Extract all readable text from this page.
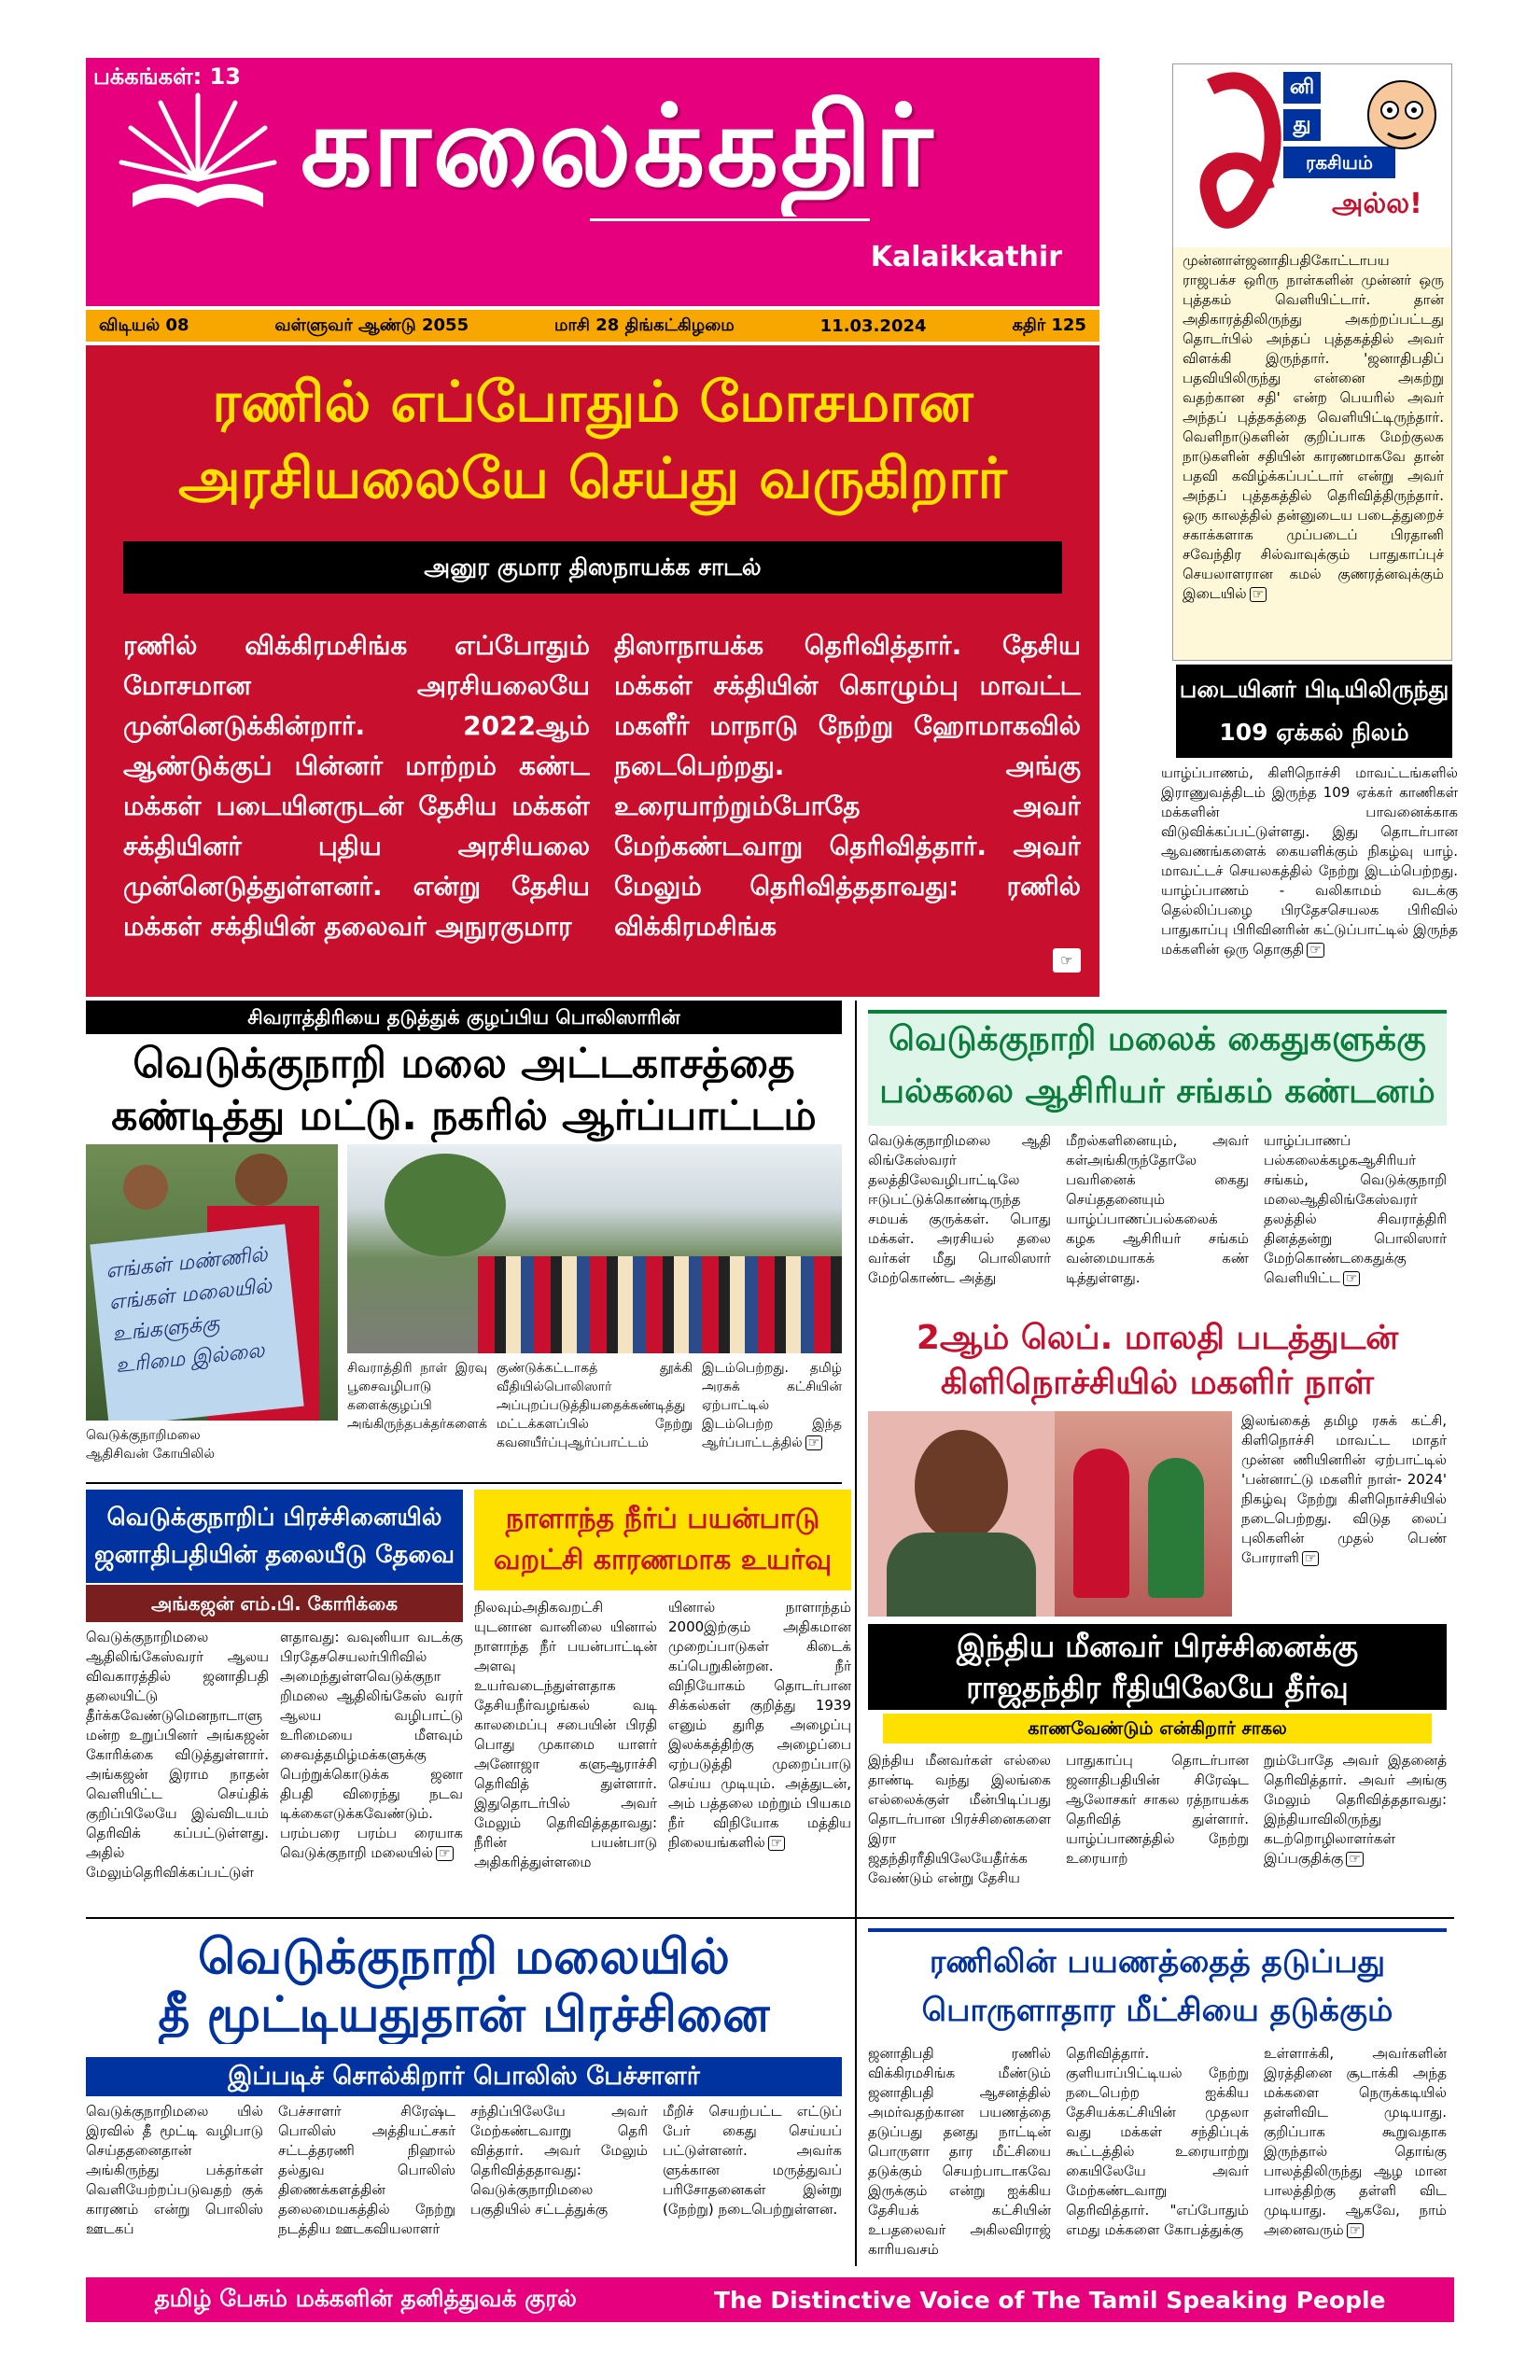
பக்கங்கள்: 13
காலைக்கதிர்
Kalaikkathir
விடியல் 08	வள்ளுவர் ஆண்டு 2055	மாசி 28 திங்கட்கிழமை	11.03.2024	கதிர் 125
ரணில் எப்போதும் மோசமான
அரசியலையே செய்து வருகிறார்
அனுர குமார திஸநாயக்க சாடல்
ரணில் விக்கிரமசிங்க எப்போதும் மோசமான அரசியலையே முன்னெடுக்கின்றார். 2022ஆம் ஆண்டுக்குப் பின்னர் மாற்றம் கண்ட மக்கள் படையினருடன் தேசிய மக்கள் சக்தியினர் புதிய அரசியலை முன்னெடுத்துள்ளனர். என்று தேசிய மக்கள் சக்தியின் தலைவர் அநுரகுமார
திஸாநாயக்க தெரிவித்தார். தேசிய மக்கள் சக்தியின் கொழும்பு மாவட்ட மகளீர் மாநாடு நேற்று ஹோமாகவில் நடைபெற்றது. அங்கு உரையாற்றும்போதே அவர் மேற்கண்டவாறு தெரிவித்தார். அவர் மேலும் தெரிவித்ததாவது: ரணில் விக்கிரமசிங்க
☞
னி
து
ரகசியம்
அல்ல!
முன்னாள்ஜனாதிபதிகோட்டாபய ராஜபக்ச ஒரிரு நாள்களின் முன்னர் ஒரு புத்தகம் வெளியிட்டார். தான் அதிகாரத்திலிருந்து அகற்றப்பட்டது தொடர்பில் அந்தப் புத்தகத்தில் அவர் விளக்கி இருந்தார். 'ஜனாதிபதிப் பதவியிலிருந்து என்னை அகற்று வதற்கான சதி' என்ற பெயரில் அவர் அந்தப் புத்தகத்தை வெளியிட்டிருந்தார். வெளிநாடுகளின் குறிப்பாக மேற்குலக நாடுகளின் சதியின் காரணமாகவே தான் பதவி கவிழ்க்கப்பட்டார் என்று அவர் அந்தப் புத்தகத்தில் தெரிவித்திருந்தார். ஒரு காலத்தில் தன்னுடைய படைத்துறைச் சகாக்களாக முப்படைப் பிரதானி சவேந்திர சில்வாவுக்கும் பாதுகாப்புச் செயலாளரான கமல் குணரத்னவுக்கும் இடையில் ☞
படையினர் பிடியிலிருந்து
109 ஏக்கல் நிலம்
யாழ்ப்பாணம், கிளிநொச்சி மாவட்டங்களில் இராணுவத்திடம் இருந்த 109 ஏக்கர் காணிகள் மக்களின் பாவனைக்காக விடுவிக்கப்பட்டுள்ளது. இது தொடர்பான ஆவணங்களைக் கையளிக்கும் நிகழ்வு யாழ். மாவட்டச் செயலகத்தில் நேற்று இடம்பெற்றது. யாழ்ப்பாணம் - வலிகாமம் வடக்கு தெல்லிப்பழை பிரதேசசெயலக பிரிவில் பாதுகாப்பு பிரிவினரின் கட்டுப்பாட்டில் இருந்த மக்களின் ஒரு தொகுதி ☞
சிவராத்திரியை தடுத்துக் குழப்பிய பொலிஸாரின்
வெடுக்குநாறி மலை அட்டகாசத்தை
கண்டித்து மட்டு. நகரில் ஆர்ப்பாட்டம்
எங்கள் மண்ணில் எங்கள் மலையில் உங்களுக்கு உரிமை இல்லை
வெடுக்குநாறிமலை ஆதிசிவன் கோயிலில்
சிவராத்திரி நாள் இரவு பூசைவழிபாடு களைக்குழப்பி அங்கிருந்தபக்தர்களைக்
குண்டுக்கட்டாகத் தூக்கி வீதியில்பொலிஸார் அப்புறப்படுத்தியதைக்கண்டித்து மட்டக்களப்பில் நேற்று கவனயீர்ப்புஆர்ப்பாட்டம்
இடம்பெற்றது. தமிழ் அரசுக் கட்சியின் ஏற்பாட்டில் இடம்பெற்ற இந்த ஆர்ப்பாட்டத்தில் ☞
வெடுக்குநாறி மலைக் கைதுகளுக்கு
பல்கலை ஆசிரியர் சங்கம் கண்டனம்
வெடுக்குநாறிமலை ஆதி லிங்கேஸ்வரர் தலத்திலேவழிபாட்டிலே ஈடுபட்டுக்கொண்டிருந்த சமயக் குருக்கள். பொது மக்கள். அரசியல் தலை வர்கள் மீது பொலிஸார் மேற்கொண்ட அத்து
மீறல்களினையும், அவர் கள்அங்கிருந்தோலே பவரினைக் கைது செய்ததனையும் யாழ்ப்பாணப்பல்கலைக் கழக ஆசிரியர் சங்கம் வன்மையாகக் கண் டித்துள்ளது.
யாழ்ப்பாணப் பல்கலைக்கழகஆசிரியர் சங்கம், வெடுக்குநாறி மலைஆதிலிங்கேஸ்வரர் தலத்தில் சிவராத்திரி தினத்தன்று பொலிஸார் மேற்கொண்டகைதுக்கு வெளியிட்ட ☞
2ஆம் லெப். மாலதி படத்துடன்
கிளிநொச்சியில் மகளிர் நாள்
இலங்கைத் தமிழ ரசுக் கட்சி, கிளிநொச்சி மாவட்ட மாதர் முன்ன ணியினரின் ஏற்பாட்டில் 'பன்னாட்டு மகளிர் நாள்- 2024' நிகழ்வு நேற்று கிளிநொச்சியில் நடைபெற்றது. விடுத லைப் புலிகளின் முதல் பெண் போராளி ☞
வெடுக்குநாறிப் பிரச்சினையில்
ஜனாதிபதியின் தலையீடு தேவை
அங்கஜன் எம்.பி. கோரிக்கை
வெடுக்குநாறிமலை ஆதிலிங்கேஸ்வரர் ஆலய விவகாரத்தில் ஜனாதிபதி தலையிட்டு தீர்க்கவேண்டுமெனநாடாளு மன்ற உறுப்பினர் அங்கஜன் கோரிக்கை விடுத்துள்ளார். அங்கஜன் இராம நாதன் வெளியிட்ட செய்திக் குறிப்பிலேயே இவ்விடயம் தெரிவிக் கப்பட்டுள்ளது. அதில் மேலும்தெரிவிக்கப்பட்டுள்
ளதாவது: வவுனியா வடக்கு பிரதேசசெயலர்பிரிவில் அமைந்துள்ளவெடுக்குநா றிமலை ஆதிலிங்கேஸ் வரர் ஆலய வழிபாட்டு உரிமையை மீளவும் சைவத்தமிழ்மக்களுக்கு பெற்றுக்கொடுக்க ஜனா திபதி விரைந்து நடவ டிக்கைஎடுக்கவேண்டும். பரம்பரை பரம்ப ரையாக வெடுக்குநாறி மலையில் ☞
நாளாந்த நீர்ப் பயன்பாடு
வறட்சி காரணமாக உயர்வு
நிலவும்அதிகவறட்சி யுடனான வானிலை யினால் நாளாந்த நீர் பயன்பாட்டின் அளவு உயர்வடைந்துள்ளதாக தேசியநீர்வழங்கல் வடி காலமைப்பு சபையின் பிரதி பொது முகாமை யாளர் அனோஜா களுஆராச்சி தெரிவித் துள்ளார். இதுதொடர்பில் அவர் மேலும் தெரிவித்ததாவது: நீரின் பயன்பாடு அதிகரித்துள்ளமை
யினால் நாளாந்தம் 2000இற்கும் அதிகமான முறைப்பாடுகள் கிடைக் கப்பெறுகின்றன. நீர் விநியோகம் தொடர்பான சிக்கல்கள் குறித்து 1939 எனும் துரித அழைப்பு இலக்கத்திற்கு அழைப்பை ஏற்படுத்தி முறைப்பாடு செய்ய முடியும். அத்துடன், அம் பத்தலை மற்றும் பியகம நீர் விநியோக மத்திய நிலையங்களில் ☞
இந்திய மீனவர் பிரச்சினைக்கு
ராஜதந்திர ரீதியிலேயே தீர்வு
காணவேண்டும் என்கிறார் சாகல
இந்திய மீனவர்கள் எல்லை தாண்டி வந்து இலங்கை எல்லைக்குள் மீன்பிடிப்பது தொடர்பான பிரச்சினைகளை இரா ஜதந்திரரீதியிலேயேதீர்க்க வேண்டும் என்று தேசிய
பாதுகாப்பு தொடர்பான ஜனாதிபதியின் சிரேஷ்ட ஆலோசகர் சாகல ரத்நாயக்க தெரிவித் துள்ளார். யாழ்ப்பாணத்தில் நேற்று உரையாற்
றும்போதே அவர் இதனைத் தெரிவித்தார். அவர் அங்கு மேலும் தெரிவித்ததாவது: இந்தியாவிலிருந்து கடற்றொழிலாளர்கள் இப்பகுதிக்கு ☞
வெடுக்குநாறி மலையில்
தீ மூட்டியதுதான் பிரச்சினை
இப்படிச் சொல்கிறார் பொலிஸ் பேச்சாளர்
வெடுக்குநாறிமலை யில் இரவில் தீ மூட்டி வழிபாடு செய்ததனைதான் அங்கிருந்து பக்தர்கள் வெளியேற்றப்படுவதற் குக் காரணம் என்று பொலிஸ் ஊடகப்
பேச்சாளர் சிரேஷ்ட பொலிஸ் அத்தியட்சகர் சட்டத்தரணி நிஹால் தல்துவ பொலிஸ் திணைக்களத்தின் தலைமையகத்தில் நேற்று நடத்திய ஊடகவியலாளர்
சந்திப்பிலேயே அவர் மேற்கண்டவாறு தெரி வித்தார். அவர் மேலும் தெரிவித்ததாவது: வெடுக்குநாறிமலை பகுதியில் சட்டத்துக்கு
மீறிச் செயற்பட்ட எட்டுப் பேர் கைது செய்யப் பட்டுள்ளனர். அவர்க ளுக்கான மருத்துவப் பரிசோதனைகள் இன்று (நேற்று) நடைபெற்றுள்ளன.
ரணிலின் பயணத்தைத் தடுப்பது
பொருளாதார மீட்சியை தடுக்கும்
ஜனாதிபதி ரணில் விக்கிரமசிங்க மீண்டும் ஜனாதிபதி ஆசனத்தில் அமர்வதற்கான பயணத்தை தடுப்பது தனது நாட்டின் பொருளா தார மீட்சியை தடுக்கும் செயற்பாடாகவே இருக்கும் என்று ஐக்கிய தேசியக் கட்சியின் உபதலைவர் அகிலவிராஜ் காரியவசம்
தெரிவித்தார். குளியாப்பிட்டியல் நேற்று நடைபெற்ற ஐக்கிய தேசியக்கட்சியின் முதலா வது மக்கள் சந்திப்புக் கூட்டத்தில் உரையாற்று கையிலேயே அவர் மேற்கண்டவாறு தெரிவித்தார். "எப்போதும் எமது மக்களை கோபத்துக்கு
உள்ளாக்கி, அவர்களின் இரத்தினை சூடாக்கி அந்த மக்களை நெருக்கடியில் தள்ளிவிட முடியாது. குறிப்பாக கூறுவதாக இருந்தால் தொங்கு பாலத்திலிருந்து ஆழ மான பாலத்திற்கு தள்ளி விட முடியாது. ஆகவே, நாம் அனைவரும் ☞
தமிழ் பேசும் மக்களின் தனித்துவக் குரல்	The Distinctive Voice of The Tamil Speaking People
